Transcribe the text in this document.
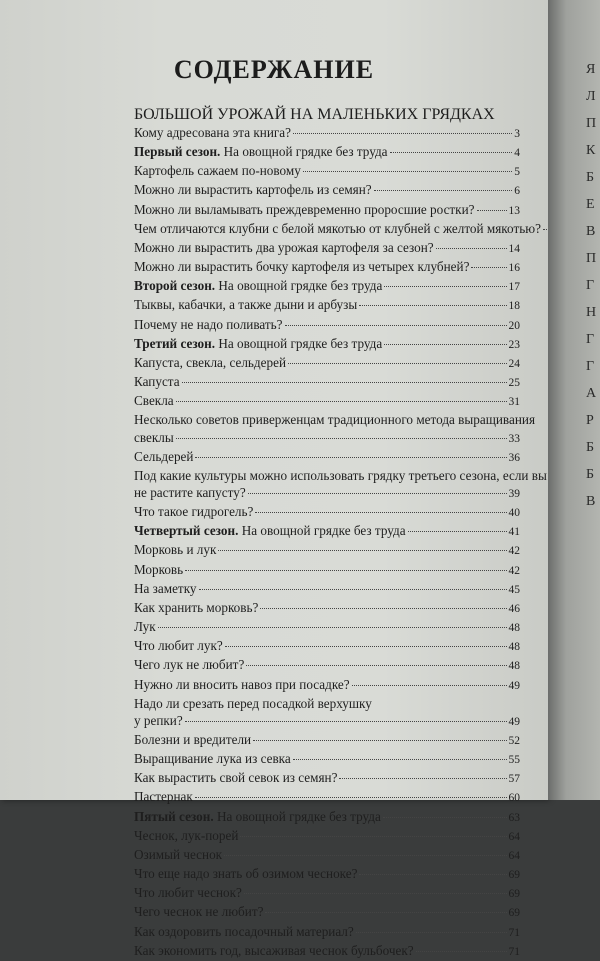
СОДЕРЖАНИЕ
БОЛЬШОЙ УРОЖАЙ НА МАЛЕНЬКИХ ГРЯДКАХ
Кому адресована эта книга?	3
Первый сезон. На овощной грядке без труда	4
Картофель сажаем по-новому	5
Можно ли вырастить картофель из семян?	6
Можно ли выламывать преждевременно проросшие ростки?	13
Чем отличаются клубни с белой мякотью от клубней с желтой мякотью?
Можно ли вырастить два урожая картофеля за сезон?	14
Можно ли вырастить бочку картофеля из четырех клубней?	16
Второй сезон. На овощной грядке без труда	17
Тыквы, кабачки, а также дыни и арбузы	18
Почему не надо поливать?	20
Третий сезон. На овощной грядке без труда	23
Капуста, свекла, сельдерей	24
Капуста	25
Свекла	31
Несколько советов приверженцам традиционного метода выращивания
свеклы	33
Сельдерей	36
Под какие культуры можно использовать грядку третьего сезона, если вы
не растите капусту?	39
Что такое гидрогель?	40
Четвертый сезон. На овощной грядке без труда	41
Морковь и лук	42
Морковь	42
На заметку	45
Как хранить морковь?	46
Лук	48
Что любит лук?	48
Чего лук не любит?	48
Нужно ли вносить навоз при посадке?	49
Надо ли срезать перед посадкой верхушку
у репки?	49
Болезни и вредители	52
Выращивание лука из севка	55
Как вырастить свой севок из семян?	57
Пастернак	60
Пятый сезон. На овощной грядке без труда	63
Чеснок, лук-порей	64
Озимый чеснок	64
Что еще надо знать об озимом чесноке?	69
Что любит чеснок?	69
Чего чеснок не любит?	69
Как оздоровить посадочный материал?	71
Как экономить год, высаживая чеснок бульбочек?	71
Я
Л
П
К
Б
Е
В
П
Г
Н
Г
Г
А
Р
Б
Б
В
